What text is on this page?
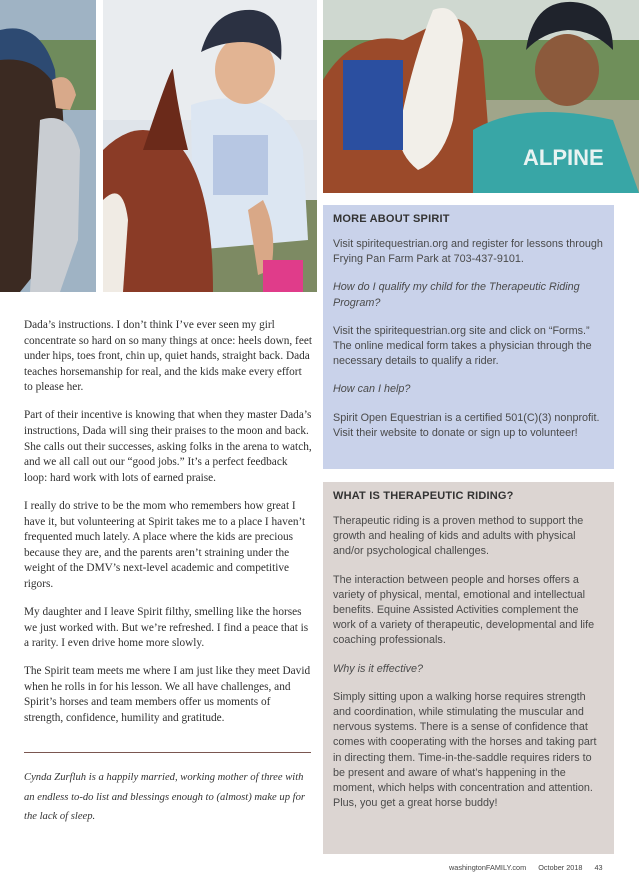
ALPINE

Dada’s instructions. I don’t think I’ve ever seen my girl concentrate so hard on so many things at once: heels down, feet under hips, toes front, chin up, quiet hands, straight back. Dada teaches horsemanship for real, and the kids make every effort to please her.

Part of their incentive is knowing that when they master Dada’s instructions, Dada will sing their praises to the moon and back. She calls out their successes, asking folks in the arena to watch, and we all call out our “good jobs.” It’s a perfect feedback loop: hard work with lots of earned praise.

I really do strive to be the mom who remembers how great I have it, but volunteering at Spirit takes me to a place I haven’t frequented much lately. A place where the kids are precious because they are, and the parents aren’t straining under the weight of the DMV’s next-level academic and competitive rigors.

My daughter and I leave Spirit filthy, smelling like the horses we just worked with. But we’re refreshed. I find a peace that is a rarity. I even drive home more slowly.

The Spirit team meets me where I am just like they meet David when he rolls in for his lesson. We all have challenges, and Spirit’s horses and team members offer us moments of strength, confidence, humility and gratitude.

Cynda Zurfluh is a happily married, working mother of three with an endless to-do list and blessings enough to (almost) make up for the lack of sleep.

MORE ABOUT SPIRIT

Visit spiritequestrian.org and register for lessons through Frying Pan Farm Park at 703-437-9101.

How do I qualify my child for the Therapeutic Riding Program?

Visit the spiritequestrian.org site and click on “Forms.” The online medical form takes a physician through the necessary details to qualify a rider.

How can I help?

Spirit Open Equestrian is a certified 501(C)(3) nonprofit. Visit their website to donate or sign up to volunteer!

WHAT IS THERAPEUTIC RIDING?

Therapeutic riding is a proven method to support the growth and healing of kids and adults with physical and/or psychological challenges.

The interaction between people and horses offers a variety of physical, mental, emotional and intellectual benefits. Equine Assisted Activities complement the work of a variety of therapeutic, developmental and life coaching professionals.

Why is it effective?

Simply sitting upon a walking horse requires strength and coordination, while stimulating the muscular and nervous systems. There is a sense of confidence that comes with cooperating with the horses and taking part in directing them. Time-in-the-saddle requires riders to be present and aware of what’s happening in the moment, which helps with concentration and attention. Plus, you get a great horse buddy!

washingtonFAMILY.com October 2018 43
